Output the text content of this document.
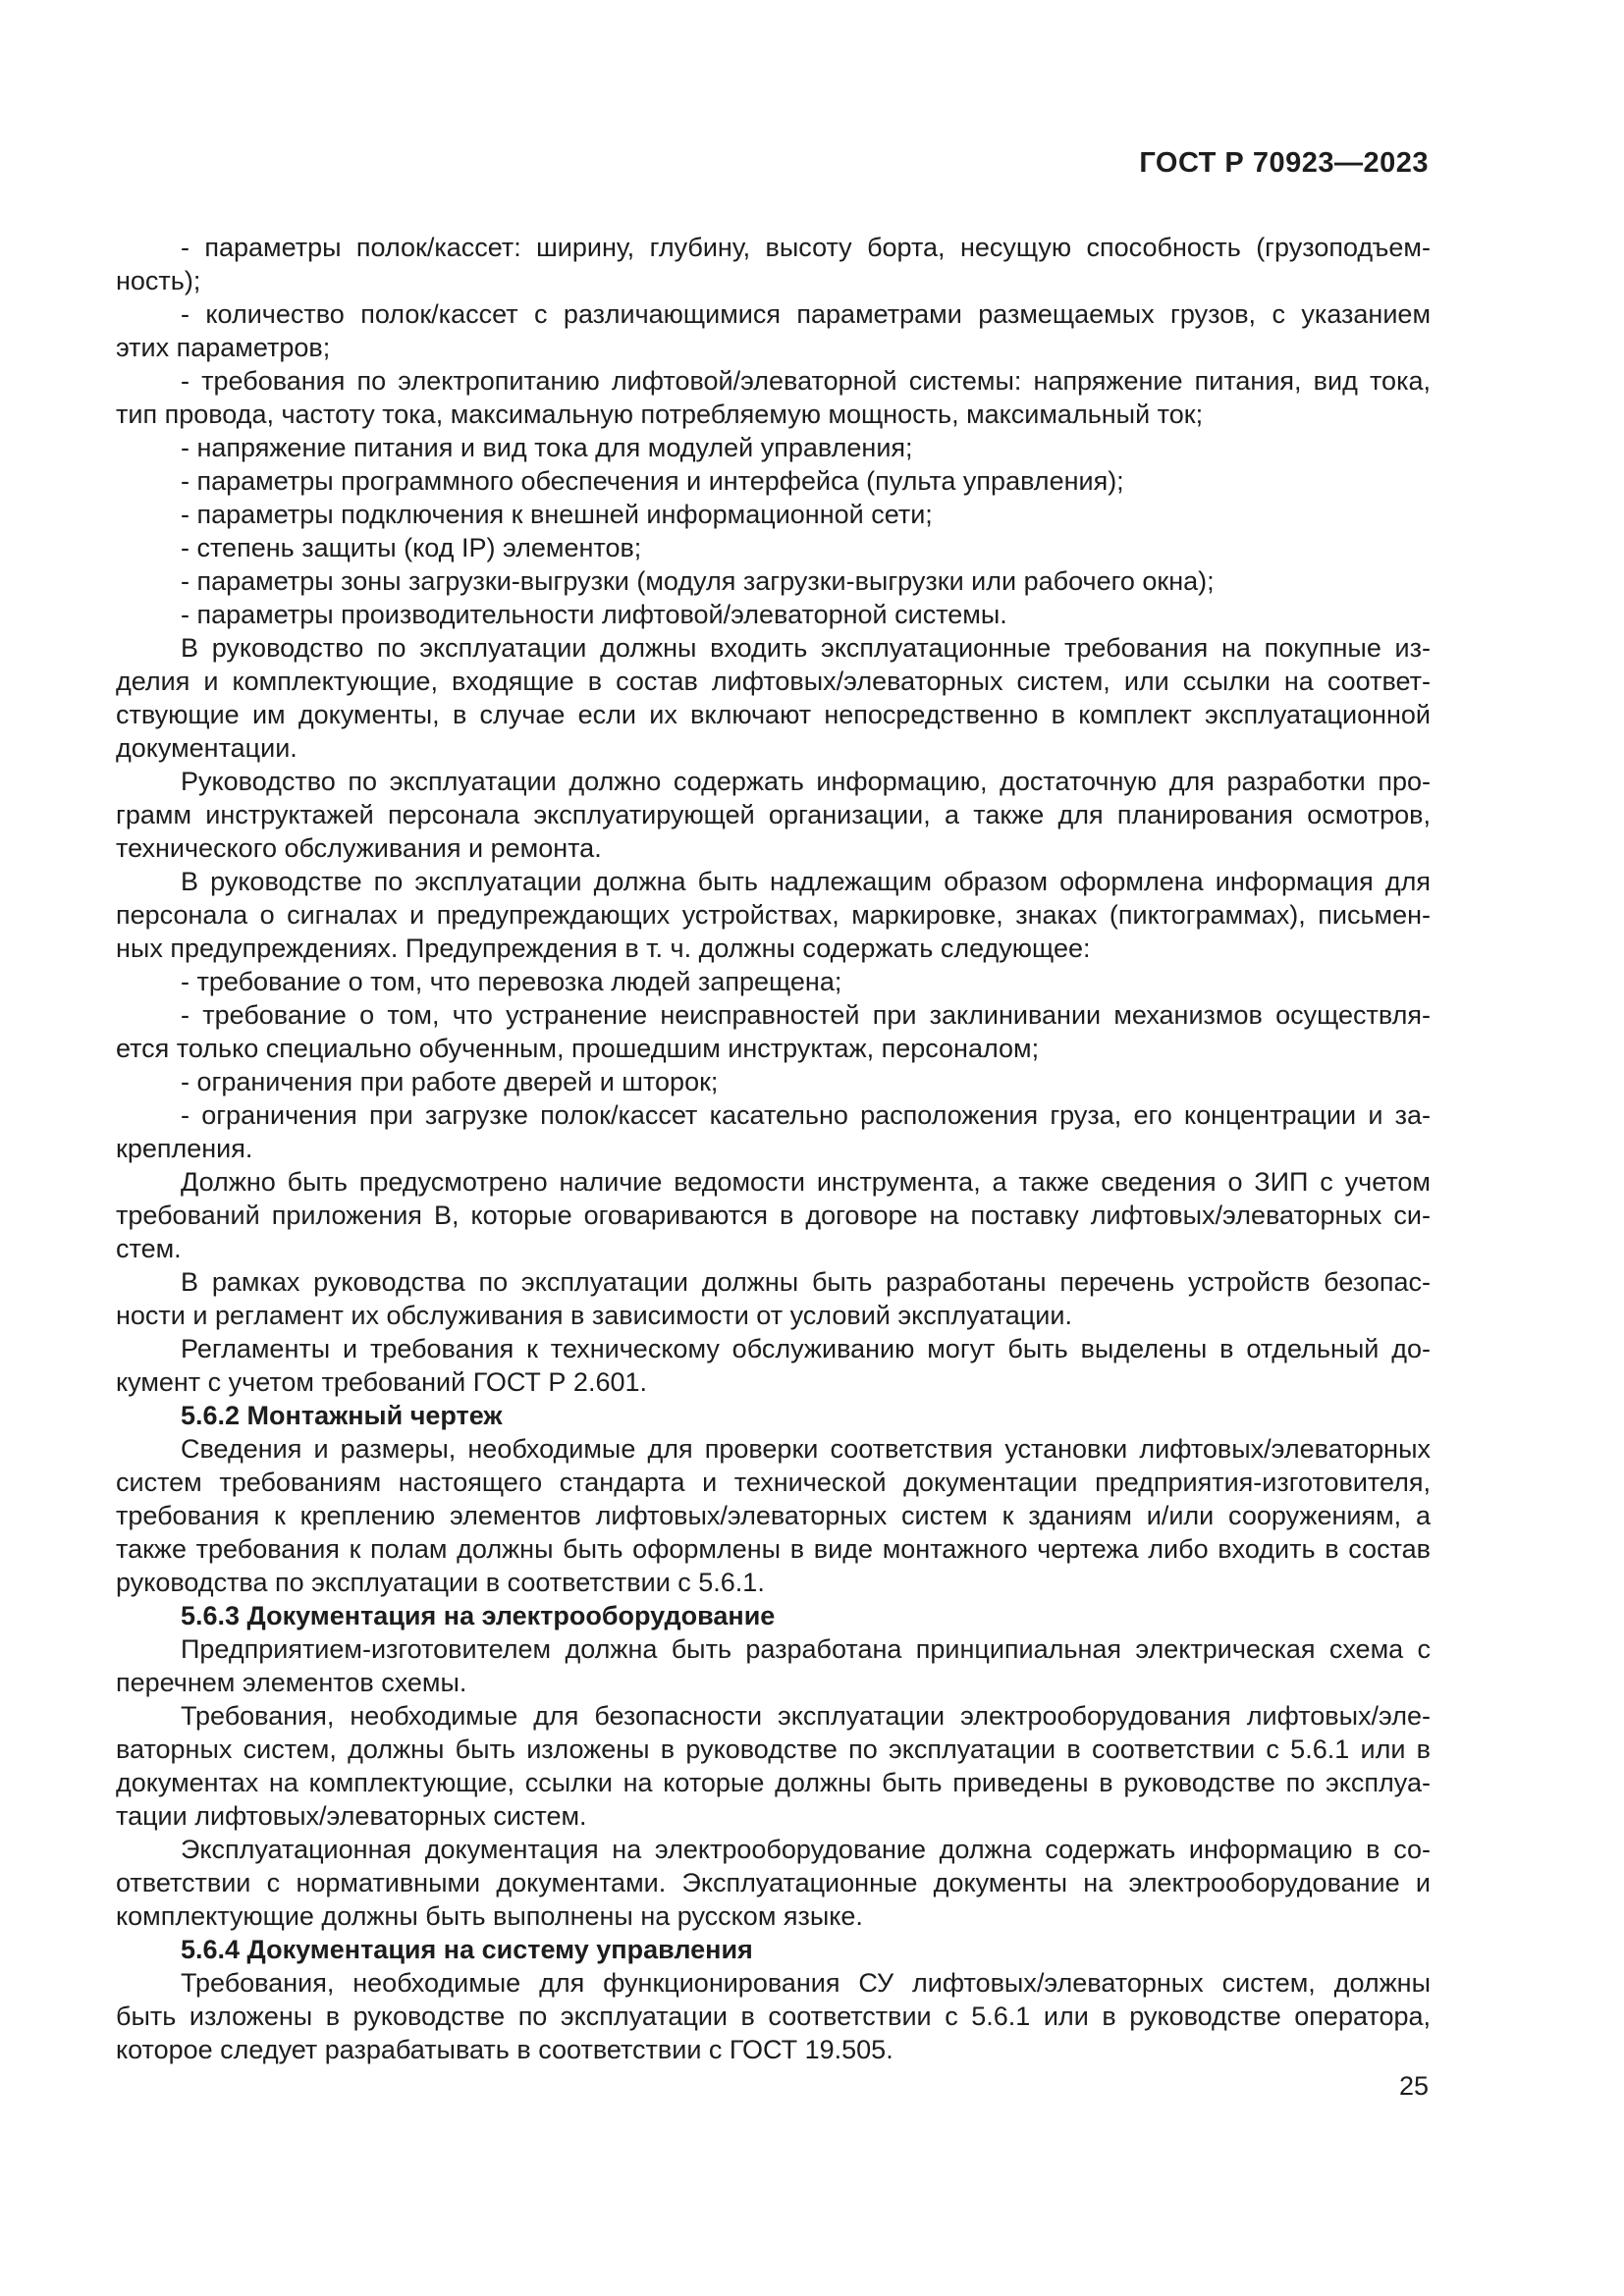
ГОСТ Р 70923—2023
- параметры полок/кассет: ширину, глубину, высоту борта, несущую способность (грузоподъем-
ность);
- количество полок/кассет с различающимися параметрами размещаемых грузов, с указанием
этих параметров;
- требования по электропитанию лифтовой/элеваторной системы: напряжение питания, вид тока,
тип провода, частоту тока, максимальную потребляемую мощность, максимальный ток;
- напряжение питания и вид тока для модулей управления;
- параметры программного обеспечения и интерфейса (пульта управления);
- параметры подключения к внешней информационной сети;
- степень защиты (код IP) элементов;
- параметры зоны загрузки-выгрузки (модуля загрузки-выгрузки или рабочего окна);
- параметры производительности лифтовой/элеваторной системы.
В руководство по эксплуатации должны входить эксплуатационные требования на покупные из-
делия и комплектующие, входящие в состав лифтовых/элеваторных систем, или ссылки на соответ-
ствующие им документы, в случае если их включают непосредственно в комплект эксплуатационной
документации.
Руководство по эксплуатации должно содержать информацию, достаточную для разработки про-
грамм инструктажей персонала эксплуатирующей организации, а также для планирования осмотров,
технического обслуживания и ремонта.
В руководстве по эксплуатации должна быть надлежащим образом оформлена информация для
персонала о сигналах и предупреждающих устройствах, маркировке, знаках (пиктограммах), письмен-
ных предупреждениях. Предупреждения в т. ч. должны содержать следующее:
- требование о том, что перевозка людей запрещена;
- требование о том, что устранение неисправностей при заклинивании механизмов осуществля-
ется только специально обученным, прошедшим инструктаж, персоналом;
- ограничения при работе дверей и шторок;
- ограничения при загрузке полок/кассет касательно расположения груза, его концентрации и за-
крепления.
Должно быть предусмотрено наличие ведомости инструмента, а также сведения о ЗИП с учетом
требований приложения В, которые оговариваются в договоре на поставку лифтовых/элеваторных си-
стем.
В рамках руководства по эксплуатации должны быть разработаны перечень устройств безопас-
ности и регламент их обслуживания в зависимости от условий эксплуатации.
Регламенты и требования к техническому обслуживанию могут быть выделены в отдельный до-
кумент с учетом требований ГОСТ Р 2.601.
5.6.2 Монтажный чертеж
Сведения и размеры, необходимые для проверки соответствия установки лифтовых/элеваторных
систем требованиям настоящего стандарта и технической документации предприятия-изготовителя,
требования к креплению элементов лифтовых/элеваторных систем к зданиям и/или сооружениям, а
также требования к полам должны быть оформлены в виде монтажного чертежа либо входить в состав
руководства по эксплуатации в соответствии с 5.6.1.
5.6.3 Документация на электрооборудование
Предприятием-изготовителем должна быть разработана принципиальная электрическая схема с
перечнем элементов схемы.
Требования, необходимые для безопасности эксплуатации электрооборудования лифтовых/эле-
ваторных систем, должны быть изложены в руководстве по эксплуатации в соответствии с 5.6.1 или в
документах на комплектующие, ссылки на которые должны быть приведены в руководстве по эксплуа-
тации лифтовых/элеваторных систем.
Эксплуатационная документация на электрооборудование должна содержать информацию в со-
ответствии с нормативными документами. Эксплуатационные документы на электрооборудование и
комплектующие должны быть выполнены на русском языке.
5.6.4 Документация на систему управления
Требования, необходимые для функционирования СУ лифтовых/элеваторных систем, должны
быть изложены в руководстве по эксплуатации в соответствии с 5.6.1 или в руководстве оператора,
которое следует разрабатывать в соответствии с ГОСТ 19.505.
25
